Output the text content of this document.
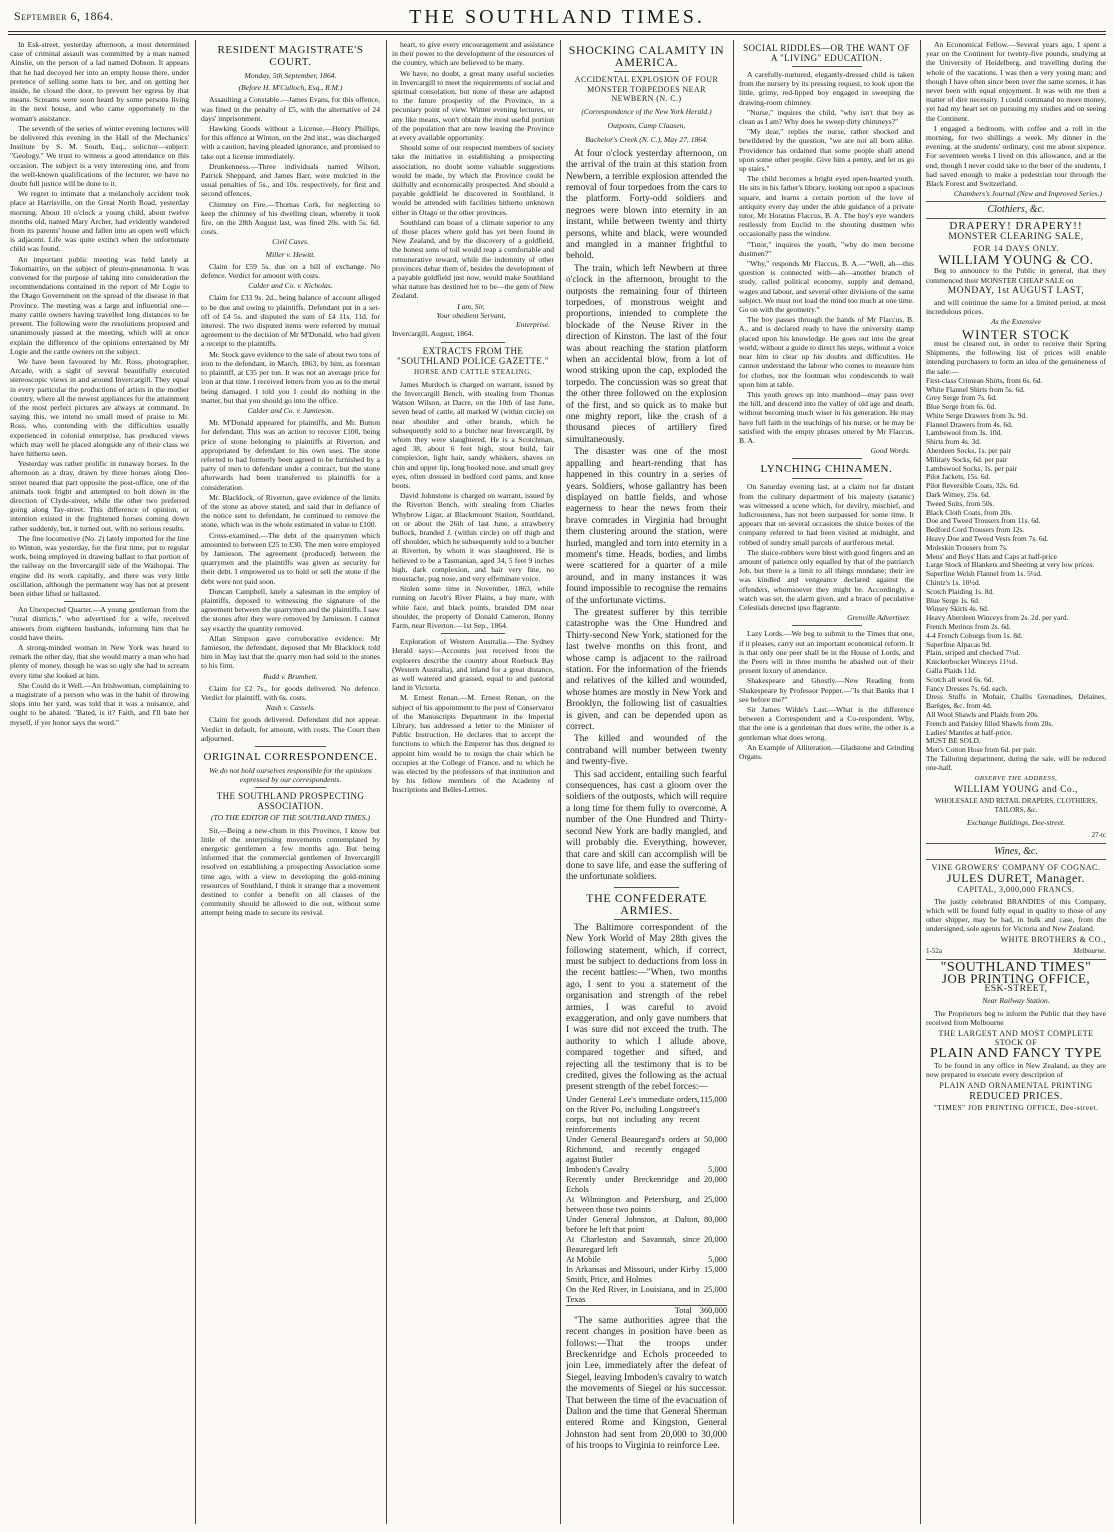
September 6, 1864.	THE SOUTHLAND TIMES.

In Esk-street, yesterday afternoon, a most determined case of criminal assault was committed by a man named Ainslie, on the person of a lad named Dobson. It appears that he had decoyed her into an empty house there, under pretence of selling some hats to her, and on getting her inside, he closed the door, to prevent her egress by that means. Screams were soon heard by some persons living in the next house, and who came opportunely to the woman's assistance.

The seventh of the series of winter evening lectures will be delivered this evening in the Hall of the Mechanics' Institute by S. M. South, Esq., solicitor—subject: "Geology." We trust to witness a good attendance on this occasion. The subject is a very interesting one, and from the well-known qualifications of the lecturer, we have no doubt full justice will be done to it.

We regret to intimate that a melancholy accident took place at Harrisville, on the Great North Road, yesterday morning. About 10 o'clock a young child, about twelve months old, named Mary Archer, had evidently wandered from its parents' house and fallen into an open well which is adjacent. Life was quite extinct when the unfortunate child was found.

An important public meeting was held lately at Tokomairiro, on the subject of pleuro-pneumonia. It was convened for the purpose of taking into consideration the recommendations contained in the report of Mr Logie to the Otago Government on the spread of the disease in that Province. The meeting was a large and influential one—many cattle owners having travelled long distances to be present. The following were the resolutions proposed and unanimously passed at the meeting, which will at once explain the difference of the opinions entertained by Mr Logie and the cattle owners on the subject.

We have been favoured by Mr. Ross, photographer, Arcade, with a sight of several beautifully executed stereoscopic views in and around Invercargill. They equal in every particular the productions of artists in the mother country, where all the newest appliances for the attainment of the most perfect pictures are always at command. In saying this, we intend no small meed of praise to Mr. Ross, who, contending with the difficulties usually experienced in colonial enterprise, has produced views which may well be placed alongside any of their class we have hitherto seen.

Yesterday was rather prolific in runaway horses. In the afternoon as a dray, drawn by three horses along Dee-street neared that part opposite the post-office, one of the animals took fright and attempted to bolt down in the direction of Clyde-street, while the other two preferred going along Tay-street. This difference of opinion, or intention existed in the frightened horses coming down rather suddenly, but, it turned out, with no serious results.

The fine locomotive (No. 2) lately imported for the line to Winton, was yesterday, for the first time, put to regular work, being employed in drawing ballast to that portion of the railway on the Invercargill side of the Waihopai. The engine did its work capitally, and there was very little oscillation, although the permanent way has not at present been either lifted or ballasted.

An Unexpected Quarter.—A young gentleman from the "rural districts," who advertised for a wife, received answers from eighteen husbands, informing him that he could have theirs.

A strong-minded woman in New York was heard to remark the other day, that she would marry a man who had plenty of money, though he was so ugly she had to scream every time she looked at him.

She Could do it Well.—An Irishwoman, complaining to a magistrate of a person who was in the habit of throwing slops into her yard, was told that it was a nuisance, and ought to be abated. "Bated, is it? Faith, and I'll bate her myself, if yer honor says the word."

RESIDENT MAGISTRATE'S COURT.
Monday, 5th September, 1864.
(Before H. M'Culloch, Esq., R.M.)

Assaulting a Constable.—James Evans, for this offence, was fined in the penalty of £5, with the alternative of 24 days' imprisonment.

Hawking Goods without a License.—Henry Phillips, for this offence at Winton, on the 2nd inst., was discharged with a caution, having pleaded ignorance, and promised to take out a license immediately.

Drunkenness.—Three individuals named Wilson, Patrick Sheppard, and James Barr, were mulcted in the usual penalties of 5s., and 10s. respectively, for first and second offences.

Chimney on Fire.—Thomas Cork, for neglecting to keep the chimney of his dwelling clean, whereby it took fire, on the 28th August last, was fined 20s. with 5s. 6d. costs.

Civil Cases.
Miller v. Hewitt.

Claim for £59 5s. due on a bill of exchange. No defence. Verdict for amount with costs.

Calder and Co. v. Nicholas.

Claim for £33 9s. 2d., being balance of account alleged to be due and owing to plaintiffs. Defendant put in a set-off of £4 5s. and disputed the sum of £4 11s. 11d. for interest. The two disputed items were referred by mutual agreement to the decision of Mr M'Donald, who had given a receipt to the plaintiffs.

Mr. Stock gave evidence to the sale of about two tons of iron to the defendant, in March, 1863, by him, as foreman to plaintiff, at £35 per ton. It was not an average price for iron at that time. I received letters from you as to the metal being damaged. I told you I could do nothing in the matter, but that you should go into the office.

Calder and Co. v. Jamieson.

Mr. M'Donald appeared for plaintiffs, and Mr. Button for defendant. This was an action to recover £100, being price of stone belonging to plaintiffs at Riverton, and appropriated by defendant to his own uses. The stone referred to had formerly been agreed to be furnished by a party of men to defendant under a contract, but the stone afterwards had been transferred to plaintiffs for a consideration.

Mr. Blacklock, of Riverton, gave evidence of the limits of the stone as above stated, and said that in defiance of the notice sent to defendant, he continued to remove the stone, which was in the whole estimated in value to £100.

Cross-examined.—The debt of the quarrymen which amounted to between £25 to £30. The men were employed by Jamieson. The agreement (produced) between the quarrymen and the plaintiffs was given as security for their debt. I empowered us to hold or sell the stone if the debt were not paid soon.

Duncan Campbell, lately a salesman in the employ of plaintiffs, deposed to witnessing the signature of the agreement between the quarrymen and the plaintiffs. I saw the stones after they were removed by Jamieson. I cannot say exactly the quantity removed.

Allan Simpson gave corroborative evidence. Mr Jamieson, the defendant, deposed that Mr Blacklock told him in May last that the quarry men had sold to the stones to his firm.

Rudd v. Brumbett.

Claim for £2 7s., for goods delivered. No defence. Verdict for plaintiff, with 6s. costs.

Nash v. Cassels.

Claim for goods delivered. Defendant did not appear. Verdict in default, for amount, with costs. The Court then adjourned.

ORIGINAL CORRESPONDENCE.
We do not hold ourselves responsible for the opinions expressed by our correspondents.
THE SOUTHLAND PROSPECTING ASSOCIATION.
(TO THE EDITOR OF THE SOUTHLAND TIMES.)

Sir,—Being a new-chum in this Province, I know but little of the enterprising movements contemplated by energetic gentlemen a few months ago. But being informed that the commercial gentlemen of Invercargill resolved on establishing a prospecting Association some time ago, with a view to developing the gold-mining resources of Southland, I think it strange that a movement destined to confer a benefit on all classes of the community should be allowed to die out, without some attempt being made to secure its revival.

heart, to give every encouragement and assistance in their power to the development of the resources of the country, which are believed to be many.

We have, no doubt, a great many useful societies in Invercargill to meet the requirements of social and spiritual consolation, but none of these are adapted to the future prosperity of the Province, in a pecuniary point of view. Winter evening lectures, or any like means, won't obtain the most useful portion of the population that are now leaving the Province at every available opportunity.

Should some of our respected members of society take the initiative in establishing a prospecting association, no doubt some valuable suggestions would be made, by which the Province could be skilfully and economically prospected. And should a payable goldfield be discovered in Southland, it would be attended with facilities hitherto unknown either in Otago or the other provinces.

Southland can boast of a climate superior to any of those places where gold has yet been found in New Zealand, and by the discovery of a goldfield, the honest sons of toil would reap a comfortable and remunerative reward, while the indemnity of other provinces debar them of, besides the development of a payable goldfield just now, would make Southland what nature has destined her to be—the gem of New Zealand.

I am, Sir,
Your obedient Servant,
Enterprise.
Invercargill, August, 1864.
EXTRACTS FROM THE "SOUTHLAND POLICE GAZETTE."
HORSE AND CATTLE STEALING.

James Murdoch is charged on warrant, issued by the Invercargill Bench, with stealing from Thomas Watson Wilson, at Dacre, on the 10th of last June, seven head of cattle, all marked W (within circle) on near shoulder and other brands, which he subsequently sold to a butcher near Invercargill, by whom they were slaughtered. He is a Scotchman, aged 38, about 6 feet high, stout build, fair complexion, light hair, sandy whiskers, shaves on chin and upper lip, long hooked nose, and small grey eyes, often dressed in bedford cord pants, and knee boots.

David Johnstone is charged on warrant, issued by the Riverton Bench, with stealing from Charles Whybrow Ligar, at Blackmount Station, Southland, on or about the 26th of last June, a strawberry bullock, branded J. (within circle) on off thigh and off shoulder, which he subsequently sold to a butcher at Riverton, by whom it was slaughtered. He is believed to be a Tasmanian, aged 34, 5 feet 9 inches high, dark complexion, and hair very fine, no moustache, pug nose, and very effeminate voice.

Stolen some time in November, 1863, while running on Jacob's River Plains, a bay mare, with white face, and black points, branded DM near shoulder, the property of Donald Cameron, Bonny Farm, near Riverton.—1st Sep., 1864.

Exploration of Western Australia.—The Sydney Herald says:—Accounts just received from the explorers describe the country about Roebuck Bay (Western Australia), and inland for a great distance, as well watered and grassed, equal to and pastoral land in Victoria.

M. Ernest Renan.—M. Ernest Renan, on the subject of his appointment to the post of Conservator of the Manuscripts Department in the Imperial Library, has addressed a letter to the Minister of Public Instruction. He declares that to accept the functions to which the Emperor has thus deigned to appoint him would be to resign the chair which he occupies at the College of France, and to which he was elected by the professors of that institution and by his fellow members of the Academy of Inscriptions and Belles-Lettres.

SHOCKING CALAMITY IN AMERICA.
ACCIDENTAL EXPLOSION OF FOUR MONSTER TORPEDOES NEAR NEWBERN (N. C.)
(Correspondence of the New York Herald.)
Outposts, Camp Claasen,
Bachelor's Creek (N. C.), May 27, 1864.

At four o'clock yesterday afternoon, on the arrival of the train at this station from Newbern, a terrible explosion attended the removal of four torpedoes from the cars to the platform. Forty-odd soldiers and negroes were blown into eternity in an instant, while between twenty and thirty persons, white and black, were wounded and mangled in a manner frightful to behold.

The train, which left Newbern at three o'clock in the afternoon, brought to the outposts the remaining four of thirteen torpedoes, of monstrous weight and proportions, intended to complete the blockade of the Neuse River in the direction of Kinston. The last of the four was about reaching the station platform when an accidental blow, from a lot of wood striking upon the cap, exploded the torpedo. The concussion was so great that the other three followed on the explosion of the first, and so quick as to make but one mighty report, like the crash of a thousand pieces of artillery fired simultaneously.

The disaster was one of the most appalling and heart-rending that has happened in this country in a series of years. Soldiers, whose gallantry has been displayed on battle fields, and whose eagerness to hear the news from their brave comrades in Virginia had brought them clustering around the station, were hurled, mangled and torn into eternity in a moment's time. Heads, bodies, and limbs were scattered for a quarter of a mile around, and in many instances it was found impossible to recognise the remains of the unfortunate victims.

The greatest sufferer by this terrible catastrophe was the One Hundred and Thirty-second New York, stationed for the last twelve months on this front, and whose camp is adjacent to the railroad station. For the information of the friends and relatives of the killed and wounded, whose homes are mostly in New York and Brooklyn, the following list of casualties is given, and can be depended upon as correct.

The killed and wounded of the contraband will number between twenty and twenty-five.

This sad accident, entailing such fearful consequences, has cast a gloom over the soldiers of the outposts, which will require a long time for them fully to overcome. A number of the One Hundred and Thirty-second New York are badly mangled, and will probably die. Everything, however, that care and skill can accomplish will be done to save life, and ease the suffering of the unfortunate soldiers.

THE CONFEDERATE ARMIES.

The Baltimore correspondent of the New York World of May 28th gives the following statement, which, if correct, must be subject to deductions from loss in the recent battles:—"When, two months ago, I sent to you a statement of the organisation and strength of the rebel armies, I was careful to avoid exaggeration, and only gave numbers that I was sure did not exceed the truth. The authority to which I allude above, compared together and sifted, and rejecting all the testimony that is to be credited, gives the following as the actual present strength of the rebel forces:—

Under General Lee's immediate orders, on the River Po, including Longstreet's corps, but not including any recent reinforcements	115,000
Under General Beauregard's orders at Richmond, and recently engaged against Butler	50,000
Imboden's Cavalry	5,000
Recently under Breckenridge and Echols	20,000
At Wilmington and Petersburg, and between those two points	25,000
Under General Johnston, at Dalton, before he left that point	80,000
At Charleston and Savannah, since Beauregard left	20,000
At Mobile	5,000
In Arkansas and Missouri, under Kirby Smith, Price, and Holmes	15,000
On the Red River, in Louisiana, and in Texas	25,000
Total	360,000

"The same authorities agree that the recent changes in position have been as follows:—That the troops under Breckenridge and Echols proceeded to join Lee, immediately after the defeat of Siegel, leaving Imboden's cavalry to watch the movements of Siegel or his successor. That between the time of the evacuation of Dalton and the time that General Sherman entered Rome and Kingston, General Johnston had sent from 20,000 to 30,000 of his troops to Virginia to reinforce Lee.

SOCIAL RIDDLES—OR THE WANT OF A "LIVING" EDUCATION.

A carefully-nurtured, elegantly-dressed child is taken from the nursery by its pressing request, to look upon the little, grimy, red-lipped boy engaged in sweeping the drawing-room chimney.

"Nurse," inquires the child, "why isn't that boy as clean as I am? Why does he sweep dirty chimneys?"

"My dear," replies the nurse, rather shocked and bewildered by the question, "we are not all born alike. Providence has ordained that some people shall attend upon some other people. Give him a penny, and let us go up stairs."

The child becomes a bright eyed open-hearted youth. He sits in his father's library, looking out upon a spacious square, and learns a certain portion of the love of antiquity every day under the able guidance of a private tutor, Mr Horatius Flaccus, B. A. The boy's eye wanders restlessly from Euclid to the shouting dustmen who occasionally pass the window.

"Tutor," inquires the youth, "why do men become dustmen?"

"Why," responds Mr Flaccus, B. A.—"Well, ah—this question is connected with—ah—another branch of study, called political economy, supply and demand, wages and labour, and several other divisions of the same subject. We must not load the mind too much at one time. Go on with the geometry."

The boy passes through the hands of Mr Flaccus, B. A., and is declared ready to have the university stamp placed upon his knowledge. He goes out into the great world, without a guide to direct his steps, without a voice near him to clear up his doubts and difficulties. He cannot understand the labour who comes to measure him for clothes, nor the footman who condescends to wait upon him at table.

This youth grows up into manhood—may pass over the hill, and descend into the valley of old age and death, without becoming much wiser in his generation. He may have full faith in the teachings of his nurse, or he may be satisfied with the empty phrases uttered by Mr Flaccus, B. A.

Good Words.
LYNCHING CHINAMEN.

On Saturday evening last, at a claim not far distant from the culinary department of his majesty (satanic) was witnessed a scene which, for devilry, mischief, and ludicrousness, has not been surpassed for some time. It appears that on several occasions the sluice boxes of the company referred to had been visited at midnight, and robbed of sundry small parcels of auriferous metal.

The sluice-robbers were blest with good fingers and an amount of patience only equalled by that of the patriarch Job, but there is a limit to all things mundane; their ire was kindled and vengeance declared against the offenders, whomsoever they might be. Accordingly, a watch was set, the alarm given, and a brace of peculative Celestials detected ipso flagrante.

Grenville Advertiser.

Lazy Lords.—We beg to submit to the Times that one, if it pleases, carry out an important economical reform. It is that only one peer shall be in the House of Lords, and the Peers will in three months be abashed out of their present luxury of attendance.

Shakespeare and Ghostly.—New Reading from Shakespeare by Professor Pepper.—"Is that Banks that I see before me?"

Sir James Wilde's Last.—What is the difference between a Correspondent and a Co-respondent. Why, that the one is a gentleman that does write, the other is a gentleman what does wrong.

An Example of Alliteration.—Gladstone and Grinding Organs.

An Economical Fellow.—Several years ago, I spent a year on the Continent for twenty-five pounds, studying at the University of Heidelberg, and travelling during the whole of the vacations. I was then a very young man; and though I have often since been over the same scenes, it has never been with equal enjoyment. It was with me then a matter of dire necessity. I could command no more money, yet had my heart set on pursuing my studies and on seeing the Continent.

I engaged a bedroom, with coffee and a roll in the morning, for two shillings a week. My dinner in the evening, at the students' ordinary, cost me about sixpence. For seventeen weeks I lived on this allowance, and at the end, though I never could take to the beer of the students, I had saved enough to make a pedestrian tour through the Black Forest and Switzerland.

Chambers's Journal (New and Improved Series.)
Clothiers, &c.
DRAPERY! DRAPERY!!
MONSTER CLEARING SALE,
FOR 14 DAYS ONLY.
WILLIAM YOUNG & CO.

Beg to announce to the Public in general, that they commenced their MONSTER CHEAP SALE on

MONDAY, 1st AUGUST LAST,

and will continue the same for a limited period, at most incredulous prices.

As the Extensive
WINTER STOCK

must be cleared out, in order to receive their Spring Shipments, the following list of prices will enable intending purchasers to form an idea of the genuineness of the sale:—

First-class Crimean Shirts, from 6s. 6d.
White Flannel Shirts from 5s. 6d.
Grey Serge from 7s. 6d.
Blue Serge from 6s. 6d.
White Serge Drawers from 3s. 9d.
Flannel Drawers from 4s. 6d.
Lambswool from 3s. 10d.
Shirts from 4s. 3d.
Aberdeen Socks, 1s. per pair
Military Socks, 6d. per pair
Lambswool Socks, 1s. per pair
Pilot Jackets, 15s. 6d.
Pilot Reversible Coats, 32s. 6d.
Dark Witney, 25s. 6d.
Tweed Suits, from 50s.
Black Cloth Coats, from 20s.
Doe and Tweed Trousers from 11s. 6d.
Bedford Cord Trousers from 12s.
Heavy Doe and Tweed Vests from 7s. 6d.
Moleskin Trousers from 7s.
Mens' and Boys' Hats and Caps at half-price
Large Stock of Blankets and Sheeting at very low prices.
Superfine Welsh Flannel from 1s. 5½d.
Chintz's 1s. 10½d.
Scotch Plaiding 1s. 8d.
Blue Serge 1s. 6d.
Winsey Skirts 4s. 6d.
Heavy Aberdeen Winceys from 2s. 2d. per yard.
French Merinos from 2s. 6d.
4-4 French Coburgs from 1s. 8d.
Superfine Alpacas 9d.
Plain, striped and checked 7½d.
Knickerbocker Winceys 11½d.
Galla Plaids 11d.
Scotch all wool 6s. 6d.
Fancy Dresses 7s. 6d. each.
Dress Stuffs in Mohair, Challis Grenadines, Delaines, Baréges, &c. from 4d.
All Wool Shawls and Plaids from 20s.
French and Paisley filled Shawls from 20s.
Ladies' Mantles at half-price.
MUST BE SOLD.
Men's Cotton Hose from 6d. per pair.
The Tailoring department, during the sale, will be reduced one-half.
OBSERVE THE ADDRESS,
WILLIAM YOUNG and Co.,
WHOLESALE AND RETAIL DRAPERS, CLOTHIERS, TAILORS, &c.
Exchange Buildings, Dee-street.
27-tc
Wines, &c.
VINE GROWERS' COMPANY OF COGNAC.
JULES DURET, Manager.
CAPITAL, 3,000,000 FRANCS.

The justly celebrated BRANDIES of this Company, which will be found fully equal in quality to those of any other shipper, may be had, in bulk and case, from the undersigned, sole agents for Victoria and New Zealand.

WHITE BROTHERS & CO.,
1-52a	Melbourne.
"SOUTHLAND TIMES"
JOB PRINTING OFFICE,
ESK-STREET,
Near Railway Station.

The Proprietors beg to inform the Public that they have received from Melbourne

THE LARGEST AND MOST COMPLETE STOCK OF
PLAIN AND FANCY TYPE

To be found in any office in New Zealand, as they are now prepared to execute every description of

PLAIN AND ORNAMENTAL PRINTING
REDUCED PRICES.
"TIMES" JOB PRINTING OFFICE, Dee-street.
